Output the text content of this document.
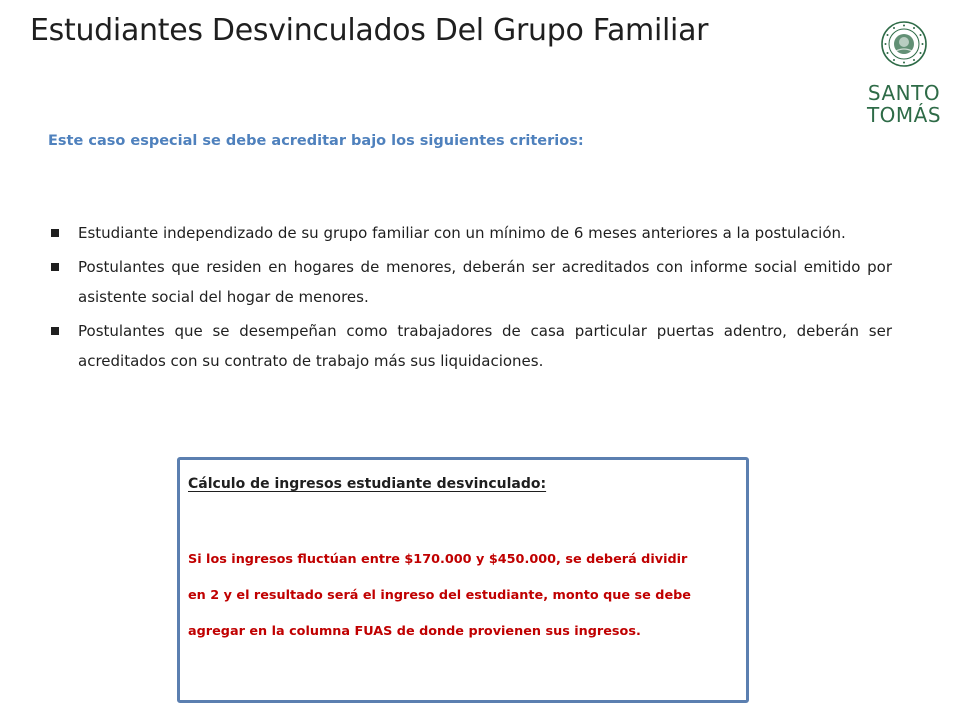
Estudiantes Desvinculados Del Grupo Familiar
SANTO
TOMÁS

Este caso especial se debe acreditar bajo los siguientes criterios:

Estudiante independizado de su grupo familiar con un mínimo de 6 meses anteriores a la postulación.
Postulantes que residen en hogares de menores, deberán ser acreditados con informe social emitido por asistente social del hogar de menores.
Postulantes que se desempeñan como trabajadores de casa particular puertas adentro, deberán ser acreditados con su contrato de trabajo más sus liquidaciones.

Cálculo de ingresos estudiante desvinculado:

Si los ingresos fluctúan entre $170.000 y $450.000, se deberá dividir
en 2 y el resultado será el ingreso del estudiante, monto que se debe
agregar en la columna FUAS de donde provienen sus ingresos.
